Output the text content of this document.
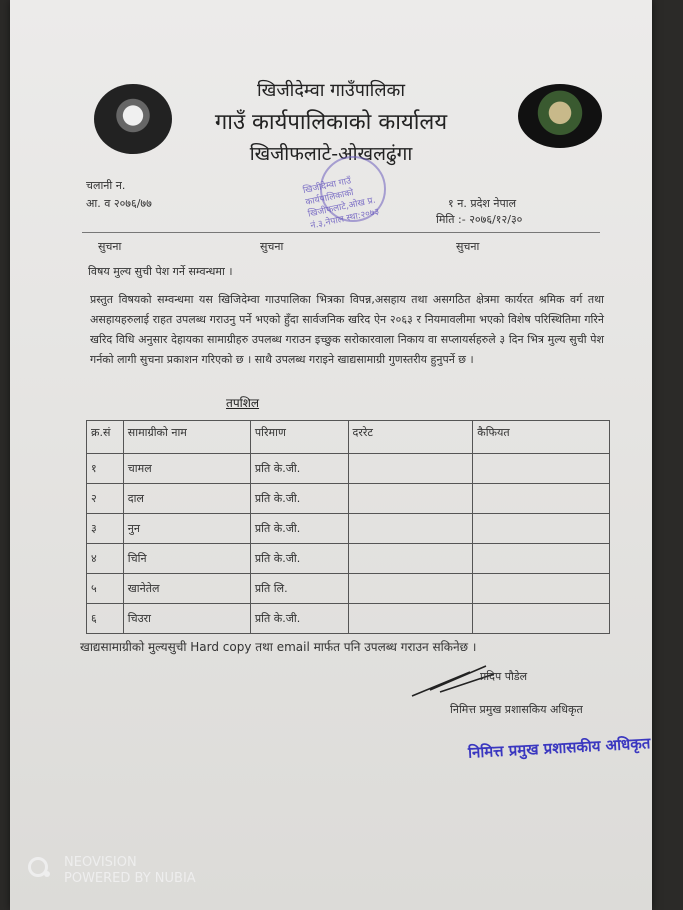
खिजीदेम्वा गाउँपालिका
गाउँ कार्यपालिकाको कार्यालय
खिजीफलाटे-ओखलढुंगा
चलानी न.
आ. व २०७६/७७	१ न. प्रदेश नेपाल
मिति :- २०७६/१२/३०
खिजीदेम्वा गाउँ कार्यपालिकाको खिजीफलाटे,ओख प्र. नं.३,नेपाल स्था:२०७३
सुचना	सुचना	सुचना
विषय मुल्य सुची पेश गर्ने सम्वन्धमा ।
प्रस्तुत विषयको सम्वन्धमा यस खिजिदेम्वा गाउपालिका भित्रका विपन्न,असहाय तथा असगठित क्षेत्रमा कार्यरत श्रमिक वर्ग तथा असहायहरुलाई राहत उपलब्ध गराउनु पर्ने भएको हुँदा सार्वजनिक खरिद ऐन २०६३ र नियमावलीमा भएको विशेष परिस्थितिमा गरिने खरिद विधि अनुसार देहायका सामाग्रीहरु उपलब्ध गराउन इच्छुक सरोकारवाला निकाय वा सप्लायर्सहरुले ३ दिन भित्र मुल्य सुची पेश गर्नको लागी सुचना प्रकाशन गरिएको छ । साथै उपलब्ध गराइने खाद्यसामाग्री गुणस्तरीय हुनुपर्ने छ ।
तपशिल
क्र.सं	सामाग्रीको नाम	परिमाण	दररेट	कैफियत
१	चामल	प्रति के.जी.		
२	दाल	प्रति के.जी.		
३	नुन	प्रति के.जी.		
४	चिनि	प्रति के.जी.		
५	खानेतेल	प्रति लि.		
६	चिउरा	प्रति के.जी.		
खाद्यसामाग्रीको मुल्यसुची Hard copy तथा email मार्फत पनि उपलब्ध गराउन सकिनेछ ।
प्रदिप पौडेल
निमित्त प्रमुख प्रशासकिय अधिकृत
निमित्त प्रमुख प्रशासकीय अधिकृत
NEOVISION
POWERED BY NUBIA
